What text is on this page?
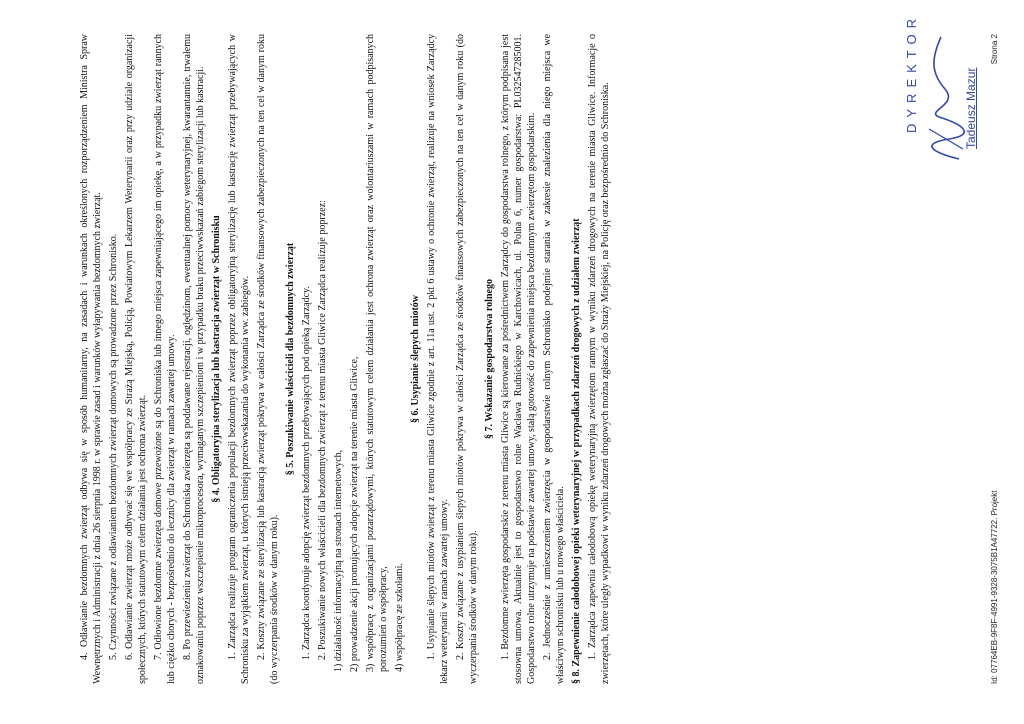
4. Odławianie bezdomnych zwierząt odbywa się w sposób humanitarny, na zasadach i warunkach określonych rozporządzeniem Ministra Spraw Wewnętrznych i Administracji z dnia 26 sierpnia 1998 r. w sprawie zasad i warunków wyłapywania bezdomnych zwierząt. 5. Czynności związane z odławianiem bezdomnych zwierząt domowych są prowadzone przez Schronisko. 6. Odławianie zwierząt może odbywać się we współpracy ze Strażą Miejską, Policją, Powiatowym Lekarzem Weterynarii oraz przy udziale organizacji społecznych, których statutowym celem działania jest ochrona zwierząt. 7. Odłowione bezdomne zwierzęta domowe przewożone są do Schroniska lub innego miejsca zapewniającego im opiekę, a w przypadku zwierząt rannych lub ciężko chorych - bezpośrednio do lecznicy dla zwierząt w ramach zawartej umowy. 8. Po przewiezieniu zwierząt do Schroniska zwierzęta są poddawane rejestracji, oględzinom, ewentualnej pomocy weterynaryjnej, kwarantannie, trwałemu oznakowaniu poprzez wszczepienie mikroprocesora, wymaganym szczepieniom i w przypadku braku przeciwwskazań zabiegom sterylizacji lub kastracji. § 4. Obligatoryjna sterylizacja lub kastracja zwierząt w Schronisku 1. Zarządca realizuje program ograniczenia populacji bezdomnych zwierząt poprzez obligatoryjną sterylizację lub kastrację zwierząt przebywających w Schronisku za wyjątkiem zwierząt, u których istnieją przeciwwskazania do wykonania ww. zabiegów. 2. Koszty związane ze sterylizacją lub kastracją zwierząt pokrywa w całości Zarządca ze środków finansowych zabezpieczonych na ten cel w danym roku (do wyczerpania środków w danym roku).

§ 5. Poszukiwanie właścicieli dla bezdomnych zwierząt 1. Zarządca koordynuje adopcję zwierząt bezdomnych przebywających pod opieką Zarządcy. 2. Poszukiwanie nowych właścicieli dla bezdomnych zwierząt z terenu miasta Gliwice Zarządca realizuje poprzez: 1) działalność informacyjną na stronach internetowych, 2) prowadzenie akcji promujących adopcje zwierząt na terenie miasta Gliwice, 3) współpracę z organizacjami pozarządowymi, których statutowym celem działania jest ochrona zwierząt oraz wolontariuszami w ramach podpisanych porozumień o współpracy, 4) współpracę ze szkołami.

§ 6. Usypianie ślepych miotów 1. Usypianie ślepych miotów zwierząt z terenu miasta Gliwice zgodnie z art. 11a ust. 2 pkt 6 ustawy o ochronie zwierząt, realizuje na wniosek Zarządcy lekarz weterynarii w ramach zawartej umowy. 2. Koszty związane z usypianiem ślepych miotów pokrywa w całości Zarządca ze środków finansowych zabezpieczonych na ten cel w danym roku (do wyczerpania środków w danym roku).

§ 7. Wskazanie gospodarstwa rolnego 1. Bezdomne zwierzęta gospodarskie z terenu miasta Gliwice są kierowane za pośrednictwem Zarządcy do gospodarstwa rolnego, z którym podpisana jest stosowna umowa. Aktualnie jest to gospodarstwo rolne Wacława Rudnickiego w Karchowicach, ul. Polna 6, numer gospodarstwa: PL032547285001. Gospodarstwo rolne utrzymuje na podstawie zawartej umowy, stałą gotowość do zapewnienia miejsca bezdomnym zwierzętom gospodarskim. 2. Jednocześnie z umieszczeniem zwierzęcia w gospodarstwie rolnym Schronisko podejmie starania w zakresie znalezienia dla niego miejsca we właściwym schronisku lub u nowego właściciela. § 8. Zapewnienie całodobowej opieki weterynaryjnej w przypadkach zdarzeń drogowych z udziałem zwierząt 1. Zarządca zapewnia całodobową opiekę weterynaryjną zwierzętom rannym w wyniku zdarzeń drogowych na terenie miasta Gliwice. Informacje o zwierzętach, które uległy wypadkowi w wyniku zdarzeń drogowych można zgłaszać do Straży Miejskiej, na Policję oraz bezpośrednio do Schroniska.

DYREKTOR	Tadeusz Mazur
Id: 07764EB-9F8F-4991-9328-3075B1A47722. Projekt
Strona 2
